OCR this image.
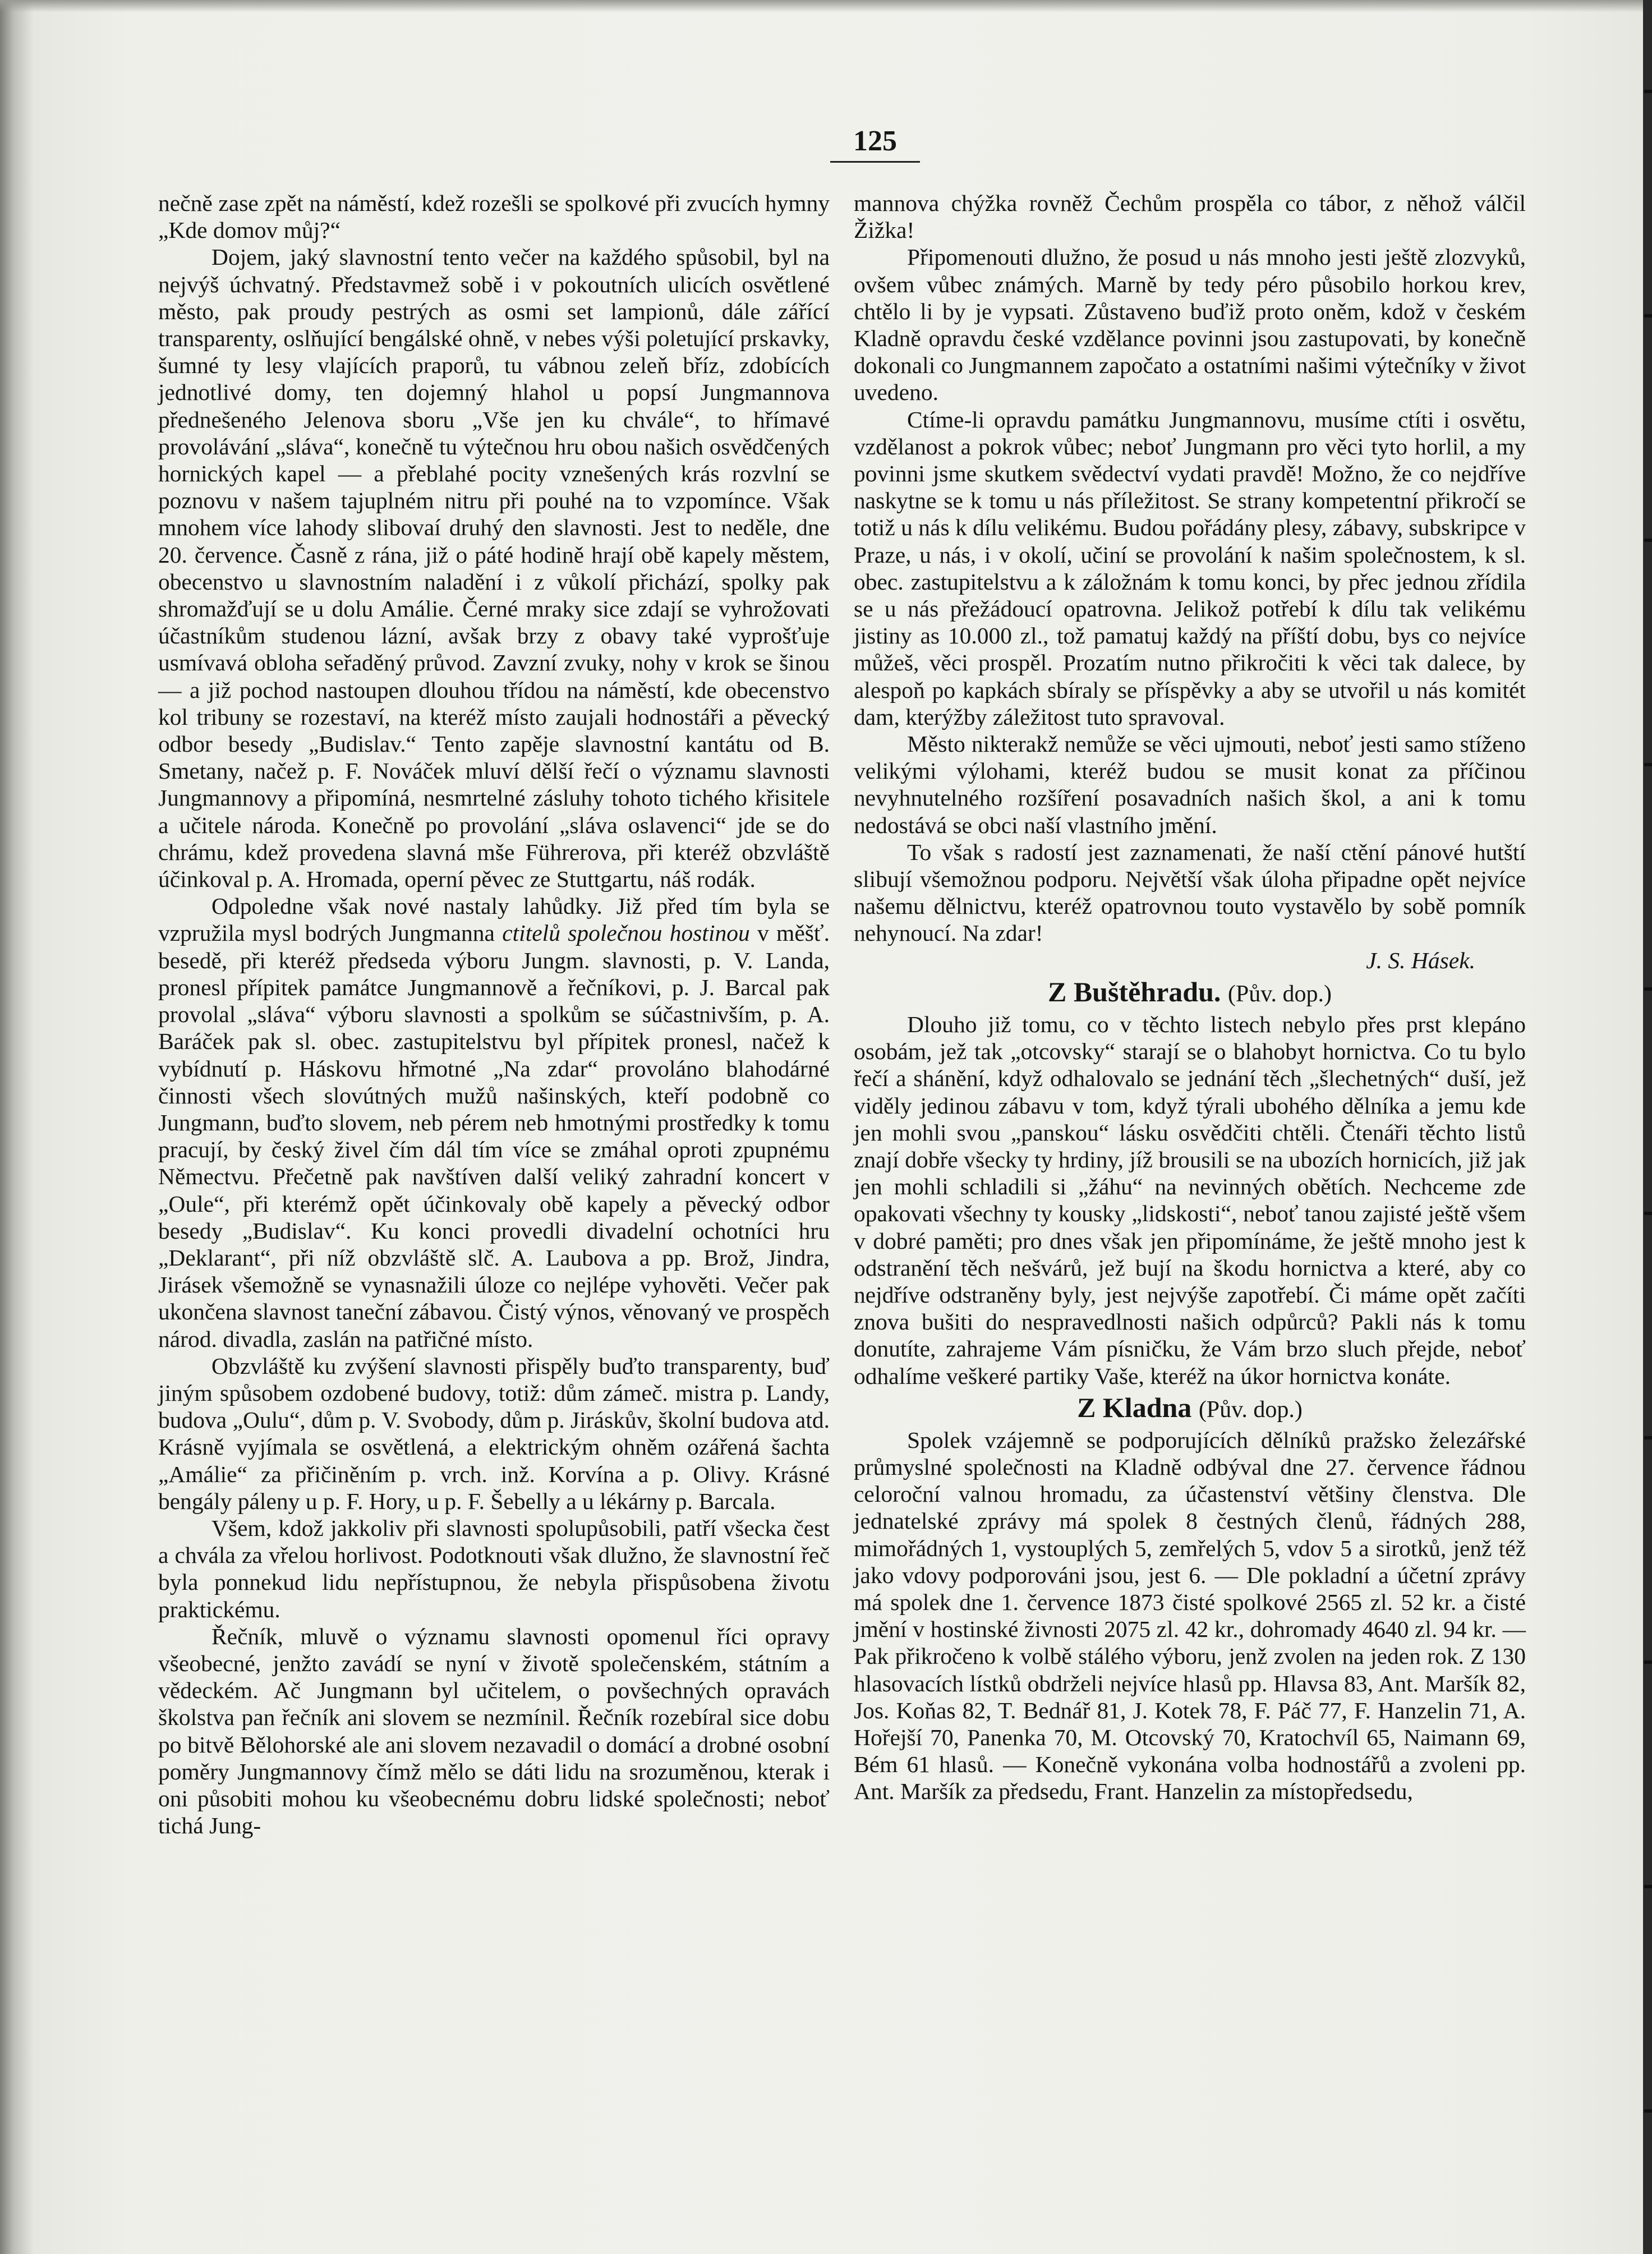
125

nečně zase zpět na náměstí, kdež rozešli se spolkové při zvucích hymny „Kde domov můj?“

Dojem, jaký slavnostní tento večer na každého spůsobil, byl na nejvýš úchvatný. Představmež sobě i v pokoutních ulicích osvětlené město, pak proudy pestrých as osmi set lampionů, dále zářící transparenty, oslňující bengálské ohně, v nebes výši poletující prskavky, šumné ty lesy vlajících praporů, tu vábnou zeleň bříz, zdobících jednotlivé domy, ten dojemný hlahol u popsí Jungmannova přednešeného Jelenova sboru „Vše jen ku chvále“, to hřímavé provolávání „sláva“, konečně tu výtečnou hru obou našich osvědčených hornických kapel — a přeblahé pocity vznešených krás rozvlní se poznovu v našem tajuplném nitru při pouhé na to vzpomínce. Však mnohem více lahody slibovaí druhý den slavnosti. Jest to neděle, dne 20. července. Časně z rána, již o páté hodině hrají obě kapely městem, obecenstvo u slavnostním naladění i z vůkolí přichází, spolky pak shromažďují se u dolu Amálie. Černé mraky sice zdají se vyhrožovati účastníkům studenou lázní, avšak brzy z obavy také vyprošťuje usmívavá obloha seřaděný průvod. Zavzní zvuky, nohy v krok se šinou — a již pochod nastoupen dlouhou třídou na náměstí, kde obecenstvo kol tribuny se rozestaví, na kteréž místo zaujali hodnostáři a pěvecký odbor besedy „Budislav.“ Tento zapěje slavnostní kantátu od B. Smetany, načež p. F. Nováček mluví dělší řečí o významu slavnosti Jungmannovy a připomíná, nesmrtelné zásluhy tohoto tichého křisitele a učitele národa. Konečně po provolání „sláva oslavenci“ jde se do chrámu, kdež provedena slavná mše Führerova, při kteréž obzvláště účinkoval p. A. Hromada, operní pěvec ze Stuttgartu, náš rodák.

Odpoledne však nové nastaly lahůdky. Již před tím byla se vzpružila mysl bodrých Jungmanna ctitelů společnou hostinou v měšť. besedě, při kteréž předseda výboru Jungm. slavnosti, p. V. Landa, pronesl přípitek památce Jungmannově a řečníkovi, p. J. Barcal pak provolal „sláva“ výboru slavnosti a spolkům se súčastnivším, p. A. Baráček pak sl. obec. zastupitelstvu byl přípitek pronesl, načež k vybídnutí p. Háskovu hřmotné „Na zdar“ provoláno blahodárné činnosti všech slovútných mužů našinských, kteří podobně co Jungmann, buďto slovem, neb pérem neb hmotnými prostředky k tomu pracují, by český živel čím dál tím více se zmáhal oproti zpupnému Němectvu. Přečetně pak navštíven další veliký zahradní koncert v „Oule“, při kterémž opět účinkovaly obě kapely a pěvecký odbor besedy „Budislav“. Ku konci provedli divadelní ochotníci hru „Deklarant“, při níž obzvláště slč. A. Laubova a pp. Brož, Jindra, Jirásek všemožně se vynasnažili úloze co nejlépe vyhověti. Večer pak ukončena slavnost taneční zábavou. Čistý výnos, věnovaný ve prospěch národ. divadla, zaslán na patřičné místo.

Obzvláště ku zvýšení slavnosti přispěly buďto transparenty, buď jiným spůsobem ozdobené budovy, totiž: dům zámeč. mistra p. Landy, budova „Oulu“, dům p. V. Svobody, dům p. Jiráskův, školní budova atd. Krásně vyjímala se osvětlená, a elektrickým ohněm ozářená šachta „Amálie“ za přičiněním p. vrch. inž. Korvína a p. Olivy. Krásné bengály páleny u p. F. Hory, u p. F. Šebelly a u lékárny p. Barcala.

Všem, kdož jakkoliv při slavnosti spolupůsobili, patří všecka čest a chvála za vřelou horlivost. Podotknouti však dlužno, že slavnostní řeč byla ponnekud lidu nepřístupnou, že nebyla přispůsobena životu praktickému.

Řečník, mluvě o významu slavnosti opomenul říci opravy všeobecné, jenžto zavádí se nyní v životě společenském, státním a vědeckém. Ač Jungmann byl učitelem, o povšechných opravách školstva pan řečník ani slovem se nezmínil. Řečník rozebíral sice dobu po bitvě Bělohorské ale ani slovem nezavadil o domácí a drobné osobní poměry Jungmannovy čímž mělo se dáti lidu na srozuměnou, kterak i oni působiti mohou ku všeobecnému dobru lidské společnosti; neboť tichá Jung-

mannova chýžka rovněž Čechům prospěla co tábor, z něhož válčil Žižka!

Připomenouti dlužno, že posud u nás mnoho jesti ještě zlozvyků, ovšem vůbec známých. Marně by tedy péro působilo horkou krev, chtělo li by je vypsati. Zůstaveno buďiž proto oněm, kdož v českém Kladně opravdu české vzdělance povinni jsou zastupovati, by konečně dokonali co Jungmannem započato a ostatními našimi výtečníky v život uvedeno.

Ctíme-li opravdu památku Jungmannovu, musíme ctíti i osvětu, vzdělanost a pokrok vůbec; neboť Jungmann pro věci tyto horlil, a my povinni jsme skutkem svědectví vydati pravdě! Možno, že co nejdříve naskytne se k tomu u nás příležitost. Se strany kompetentní přikročí se totiž u nás k dílu velikému. Budou pořádány plesy, zábavy, subskripce v Praze, u nás, i v okolí, učiní se provolání k našim společnostem, k sl. obec. zastupitelstvu a k záložnám k tomu konci, by přec jednou zřídila se u nás přežádoucí opatrovna. Jelikož potřebí k dílu tak velikému jistiny as 10.000 zl., tož pamatuj každý na příští dobu, bys co nejvíce můžeš, věci prospěl. Prozatím nutno přikročiti k věci tak dalece, by alespoň po kapkách sbíraly se příspěvky a aby se utvořil u nás komitét dam, kterýžby záležitost tuto spravoval.

Město nikterakž nemůže se věci ujmouti, neboť jesti samo stíženo velikými výlohami, kteréž budou se musit konat za příčinou nevyhnutelného rozšíření posavadních našich škol, a ani k tomu nedostává se obci naší vlastního jmění.

To však s radostí jest zaznamenati, že naší ctění pánové hutští slibují všemožnou podporu. Největší však úloha připadne opět nejvíce našemu dělnictvu, kteréž opatrovnou touto vystavělo by sobě pomník nehynoucí. Na zdar!

J. S. Hásek.

Z Buštěhradu. (Pův. dop.)

Dlouho již tomu, co v těchto listech nebylo přes prst klepáno osobám, jež tak „otcovsky“ starají se o blahobyt hornictva. Co tu bylo řečí a shánění, když odhalovalo se jednání těch „šlechetných“ duší, jež viděly jedinou zábavu v tom, když týrali ubohého dělníka a jemu kde jen mohli svou „panskou“ lásku osvědčiti chtěli. Čtenáři těchto listů znají dobře všecky ty hrdiny, jíž brousili se na ubozích hornicích, již jak jen mohli schladili si „žáhu“ na nevinných obětích. Nechceme zde opakovati všechny ty kousky „lidskosti“, neboť tanou zajisté ještě všem v dobré paměti; pro dnes však jen připomínáme, že ještě mnoho jest k odstranění těch nešvárů, jež bují na škodu hornictva a které, aby co nejdříve odstraněny byly, jest nejvýše zapotřebí. Či máme opět začíti znova bušiti do nespravedlnosti našich odpůrců? Pakli nás k tomu donutíte, zahrajeme Vám písničku, že Vám brzo sluch přejde, neboť odhalíme veškeré partiky Vaše, kteréž na úkor hornictva konáte.

Z Kladna (Pův. dop.)

Spolek vzájemně se podporujících dělníků pražsko železářské průmyslné společnosti na Kladně odbýval dne 27. července řádnou celoroční valnou hromadu, za účastenství většiny členstva. Dle jednatelské zprávy má spolek 8 čestných členů, řádných 288, mimořádných 1, vystouplých 5, zemřelých 5, vdov 5 a sirotků, jenž též jako vdovy podporováni jsou, jest 6. — Dle pokladní a účetní zprávy má spolek dne 1. července 1873 čisté spolkové 2565 zl. 52 kr. a čisté jmění v hostinské živnosti 2075 zl. 42 kr., dohromady 4640 zl. 94 kr. — Pak přikročeno k volbě stálého výboru, jenž zvolen na jeden rok. Z 130 hlasovacích lístků obdrželi nejvíce hlasů pp. Hlavsa 83, Ant. Maršík 82, Jos. Koňas 82, T. Bednář 81, J. Kotek 78, F. Páč 77, F. Hanzelin 71, A. Hořejší 70, Panenka 70, M. Otcovský 70, Kratochvíl 65, Naimann 69, Bém 61 hlasů. — Konečně vykonána volba hodnostářů a zvoleni pp. Ant. Maršík za předsedu, Frant. Hanzelin za místopředsedu,
